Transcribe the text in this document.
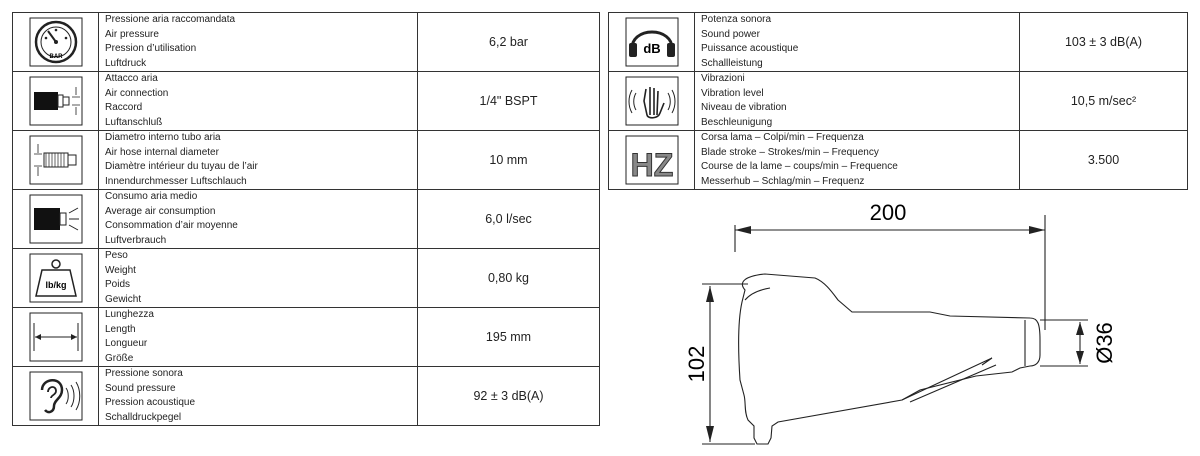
BAR	Pressione aria raccomandata
Air pressure
Pression d’utilisation
Luftdruck	6,2 bar

Attacco aria
Air connection
Raccord
Luftanschluß	1/4" BSPT

Diametro interno tubo aria
Air hose internal diameter
Diamètre intérieur du tuyau de l’air
Innendurchmesser Luftschlauch	10 mm

Consumo aria medio
Average air consumption
Consommation d’air moyenne
Luftverbrauch	6,0 l/sec

lb/kg	Peso
Weight
Poids
Gewicht	0,80 kg

Lunghezza
Length
Longueur
Größe	195 mm

Pressione sonora
Sound pressure
Pression acoustique
Schalldruckpegel	92 ± 3 dB(A)
dB	Potenza sonora
Sound power
Puissance acoustique
Schallleistung	103 ± 3 dB(A)

Vibrazioni
Vibration level
Niveau de vibration
Beschleunigung	10,5 m/sec²

HZ	Corsa lama – Colpi/min – Frequenza
Blade stroke – Strokes/min – Frequency
Course de la lame – coups/min – Frequence
Messerhub – Schlag/min – Frequenz	3.500
200
102
Ø36
